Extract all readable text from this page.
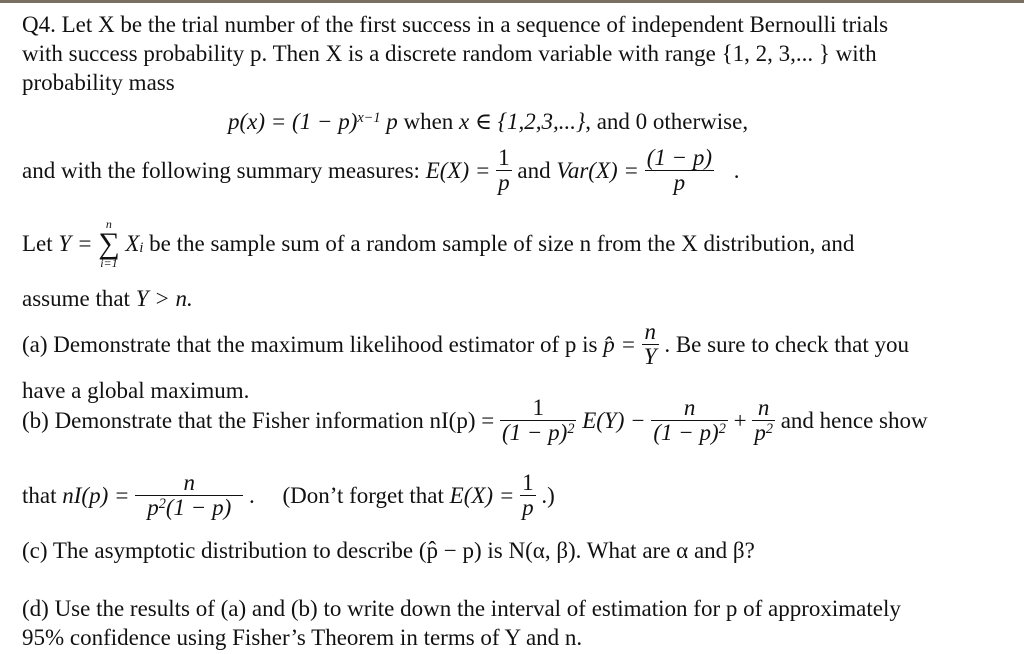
Q4. Let X be the trial number of the first success in a sequence of independent Bernoulli trials
with success probability p. Then X is a discrete random variable with range {1, 2, 3,... } with
probability mass
$p(x) = (1 - p)^{x-1}$ p when x ∈ {1,2,3,...}, and 0 otherwise,
and with the following summary measures: $E(X) = \frac{1}{p}$ and $Var(X) = \frac{(1 - p)}{p}$ .
Let Y =
n
∑
i=1
$X_i$ be the sample sum of a random sample of size n from the X distribution, and
assume that Y > n.
(a) Demonstrate that the maximum likelihood estimator of p is p̂ = $\frac{n}{Y}$ . Be sure to check that you
have a global maximum.
(b) Demonstrate that the Fisher information $nI(p) = \frac{1}{(1 - p)^2} E(Y) - \frac{n}{(1 - p)^2} + \frac{n}{p^2}$ and hence show
that $nI(p) = \frac{n}{p^2(1 - p)}$ . (Don’t forget that $E(X) = \frac{1}{p}$ .)
(c) The asymptotic distribution to describe (p̂ − p) is N(α, β). What are α and β?
(d) Use the results of (a) and (b) to write down the interval of estimation for p of approximately
95% confidence using Fisher’s Theorem in terms of Y and n.
